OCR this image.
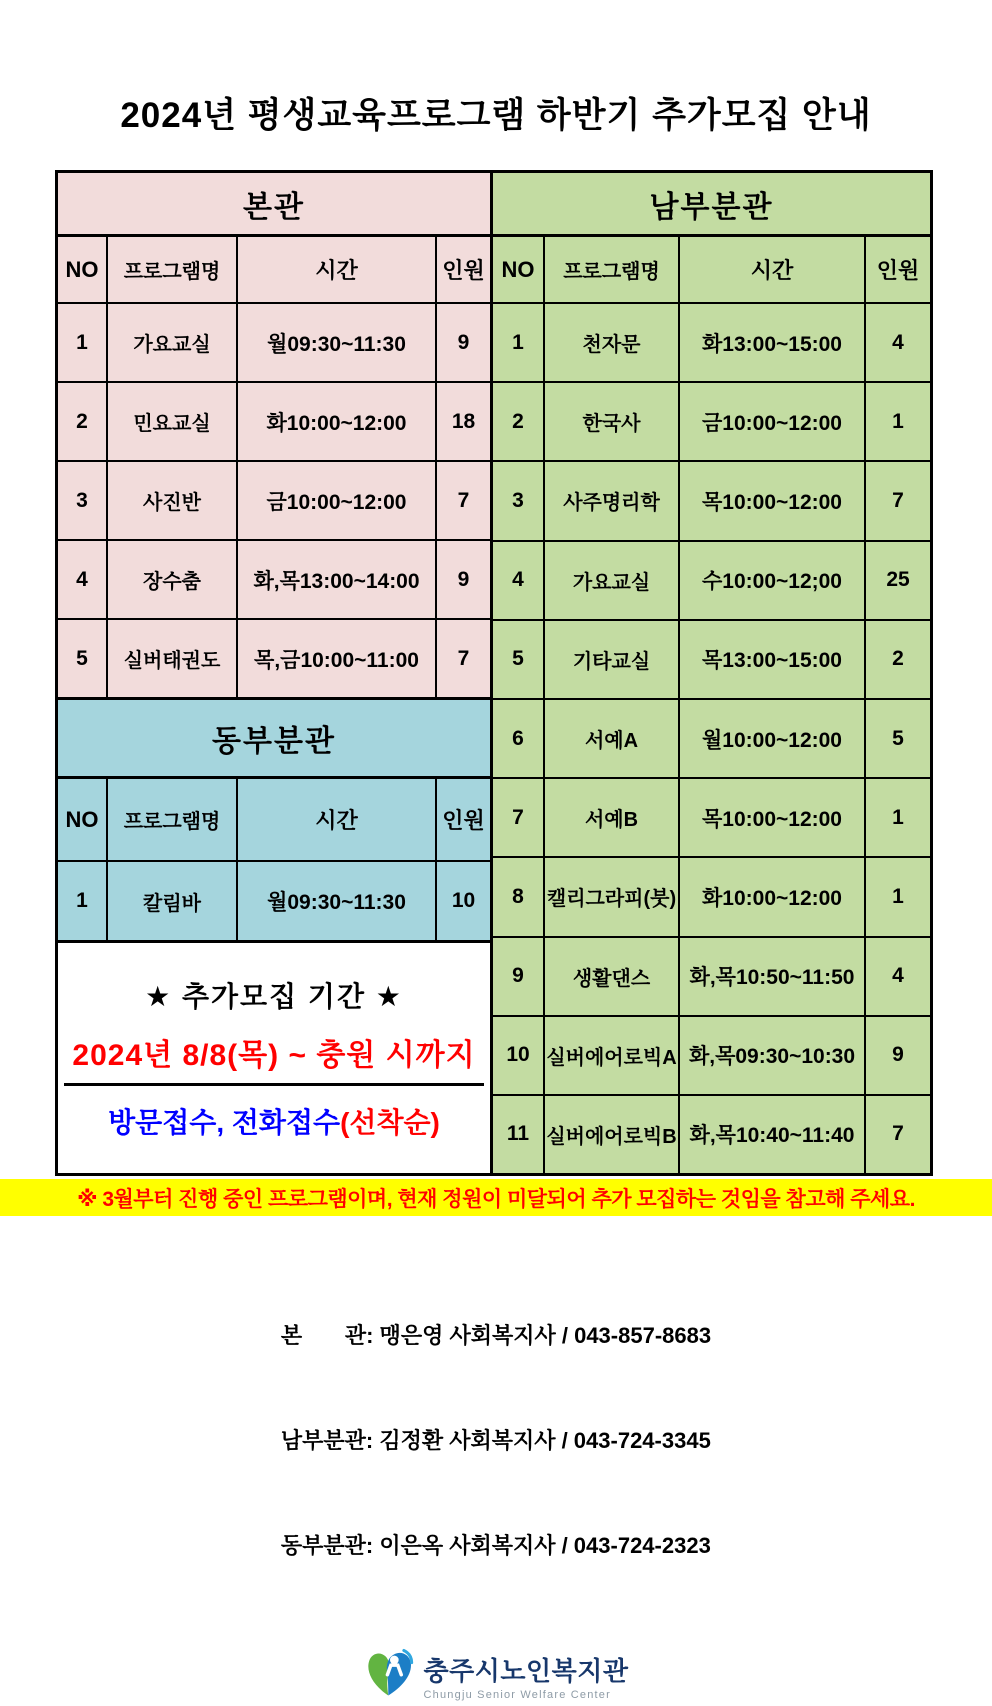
2024년 평생교육프로그램 하반기 추가모집 안내
본관
NO	프로그램명	시간	인원
1	가요교실	월09:30~11:30	9
2	민요교실	화10:00~12:00	18
3	사진반	금10:00~12:00	7
4	장수춤	화,목13:00~14:00	9
5	실버태권도	목,금10:00~11:00	7
동부분관
NO	프로그램명	시간	인원
1	칼림바	월09:30~11:30	10
★ 추가모집 기간 ★
2024년 8/8(목) ~ 충원 시까지
방문접수, 전화접수(선착순)
남부분관
NO	프로그램명	시간	인원
1	천자문	화13:00~15:00	4
2	한국사	금10:00~12:00	1
3	사주명리학	목10:00~12:00	7
4	가요교실	수10:00~12;00	25
5	기타교실	목13:00~15:00	2
6	서예A	월10:00~12:00	5
7	서예B	목10:00~12:00	1
8	캘리그라피(붓)	화10:00~12:00	1
9	생활댄스	화,목10:50~11:50	4
10 실버에어로빅A 화,목09:30~10:30	9
11 실버에어로빅B 화,목10:40~11:40	7
※ 3월부터 진행 중인 프로그램이며, 현재 정원이 미달되어 추가 모집하는 것임을 참고해 주세요.

본       관: 맹은영 사회복지사 / 043-857-8683

남부분관: 김정환 사회복지사 / 043-724-3345

동부분관: 이은옥 사회복지사 / 043-724-2323

충주시노인복지관
Chungju Senior Welfare Center
